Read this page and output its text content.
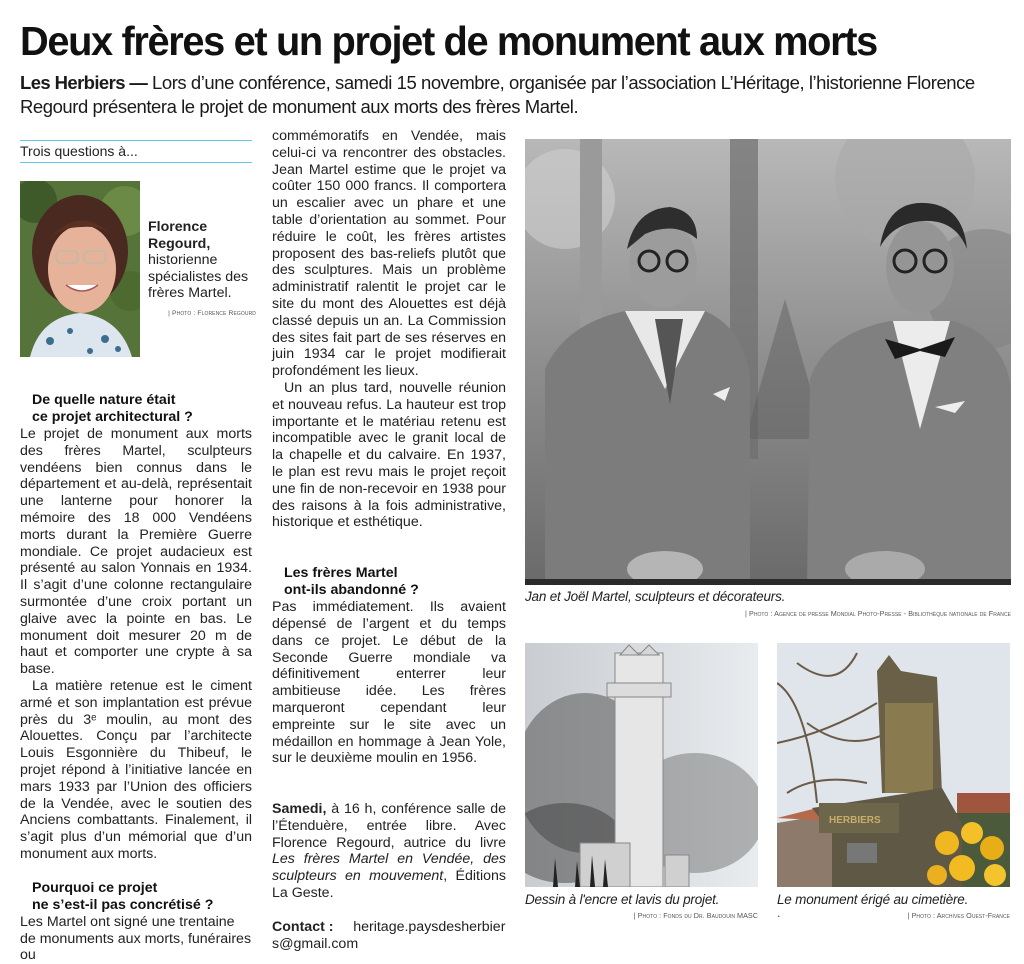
Deux frères et un projet de monument aux morts
Les Herbiers — Lors d’une conférence, samedi 15 novembre, organisée par l’association L’Héritage, l’historienne Florence Regourd présentera le projet de monument aux morts des frères Martel.
Trois questions à...
Florence Regourd,
historienne spécialistes des frères Martel.
| Photo : Florence Regourd

De quelle nature était

ce projet architectural ?

Le projet de monument aux morts des frères Martel, sculpteurs vendéens bien connus dans le département et au-delà, représentait une lanterne pour honorer la mémoire des 18 000 Vendéens morts durant la Première Guerre mondiale. Ce projet audacieux est présenté au salon Yonnais en 1934. Il s’agit d’une colonne rectangulaire surmontée d’une croix portant un glaive avec la pointe en bas. Le monument doit mesurer 20 m de haut et comporter une crypte à sa base.

La matière retenue est le ciment armé et son implantation est prévue près du 3ᵉ moulin, au mont des Alouettes. Conçu par l’architecte Louis Esgonnière du Thibeuf, le projet répond à l’initiative lancée en mars 1933 par l’Union des officiers de la Vendée, avec le soutien des Anciens combattants. Finalement, il s’agit plus d’un mémorial que d’un monument aux morts.

Pourquoi ce projet

ne s’est-il pas concrétisé ?

Les Martel ont signé une trentaine de monuments aux morts, funéraires ou

commémoratifs en Vendée, mais celui-ci va rencontrer des obstacles. Jean Martel estime que le projet va coûter 150 000 francs. Il comportera un escalier avec un phare et une table d’orientation au sommet. Pour réduire le coût, les frères artistes proposent des bas-reliefs plutôt que des sculptures. Mais un problème administratif ralentit le projet car le site du mont des Alouettes est déjà classé depuis un an. La Commission des sites fait part de ses réserves en juin 1934 car le projet modifierait profondément les lieux.

Un an plus tard, nouvelle réunion et nouveau refus. La hauteur est trop importante et le matériau retenu est incompatible avec le granit local de la chapelle et du calvaire. En 1937, le plan est revu mais le projet reçoit une fin de non-recevoir en 1938 pour des raisons à la fois administrative, historique et esthétique.

Les frères Martel

ont-ils abandonné ?

Pas immédiatement. Ils avaient dépensé de l’argent et du temps dans ce projet. Le début de la Seconde Guerre mondiale va définitivement enterrer leur ambitieuse idée. Les frères marqueront cependant leur empreinte sur le site avec un médaillon en hommage à Jean Yole, sur le deuxième moulin en 1956.

Samedi, à 16 h, conférence salle de l’Étenduère, entrée libre. Avec Florence Regourd, autrice du livre Les frères Martel en Vendée, des sculpteurs en mouvement, Éditions La Geste.

Contact : heritage.paysdesherbiers@gmail.com

Jan et Joël Martel, sculpteurs et décorateurs.
| Photo : Agence de presse Mondial Photo-Presse - Bibliothèque nationale de France
Dessin à l'encre et lavis du projet.
| Photo : Fonds du Dr. Baudouin MASC
HERBIERS
Le monument érigé au cimetière.
.	| Photo : Archives Ouest-France
